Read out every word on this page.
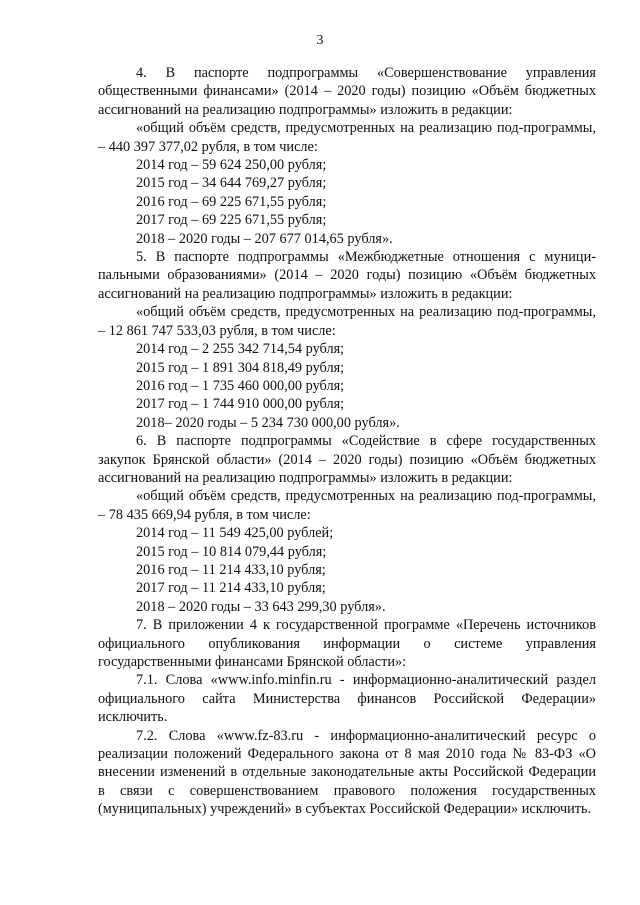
3

4. В паспорте подпрограммы «Совершенствование управления общественными финансами» (2014 – 2020 годы) позицию «Объём бюджетных ассигнований на реализацию подпрограммы» изложить в редакции:

«общий объём средств, предусмотренных на реализацию под-программы, – 440 397 377,02 рубля, в том числе:

2014 год – 59 624 250,00 рубля;

2015 год – 34 644 769,27 рубля;

2016 год – 69 225 671,55 рубля;

2017 год – 69 225 671,55 рубля;

2018 – 2020 годы – 207 677 014,65 рубля».

5. В паспорте подпрограммы «Межбюджетные отношения с муници-пальными образованиями» (2014 – 2020 годы) позицию «Объём бюджетных ассигнований на реализацию подпрограммы» изложить в редакции:

«общий объём средств, предусмотренных на реализацию под-программы, – 12 861 747 533,03 рубля, в том числе:

2014 год – 2 255 342 714,54 рубля;

2015 год – 1 891 304 818,49 рубля;

2016 год – 1 735 460 000,00 рубля;

2017 год – 1 744 910 000,00 рубля;

2018– 2020 годы – 5 234 730 000,00 рубля».

6. В паспорте подпрограммы «Содействие в сфере государственных закупок Брянской области» (2014 – 2020 годы) позицию «Объём бюджетных ассигнований на реализацию подпрограммы» изложить в редакции:

«общий объём средств, предусмотренных на реализацию под-программы, – 78 435 669,94 рубля, в том числе:

2014 год – 11 549 425,00 рублей;

2015 год – 10 814 079,44 рубля;

2016 год – 11 214 433,10 рубля;

2017 год – 11 214 433,10 рубля;

2018 – 2020 годы – 33 643 299,30 рубля».

7. В приложении 4 к государственной программе «Перечень источников официального опубликования информации о системе управления государственными финансами Брянской области»:

7.1. Слова «www.info.minfin.ru - информационно-аналитический раздел официального сайта Министерства финансов Российской Федерации» исключить.

7.2. Слова «www.fz-83.ru - информационно-аналитический ресурс о реализации положений Федерального закона от 8 мая 2010 года № 83-ФЗ «О внесении изменений в отдельные законодательные акты Российской Федерации в связи с совершенствованием правового положения государственных (муниципальных) учреждений» в субъектах Российской Федерации» исключить.
